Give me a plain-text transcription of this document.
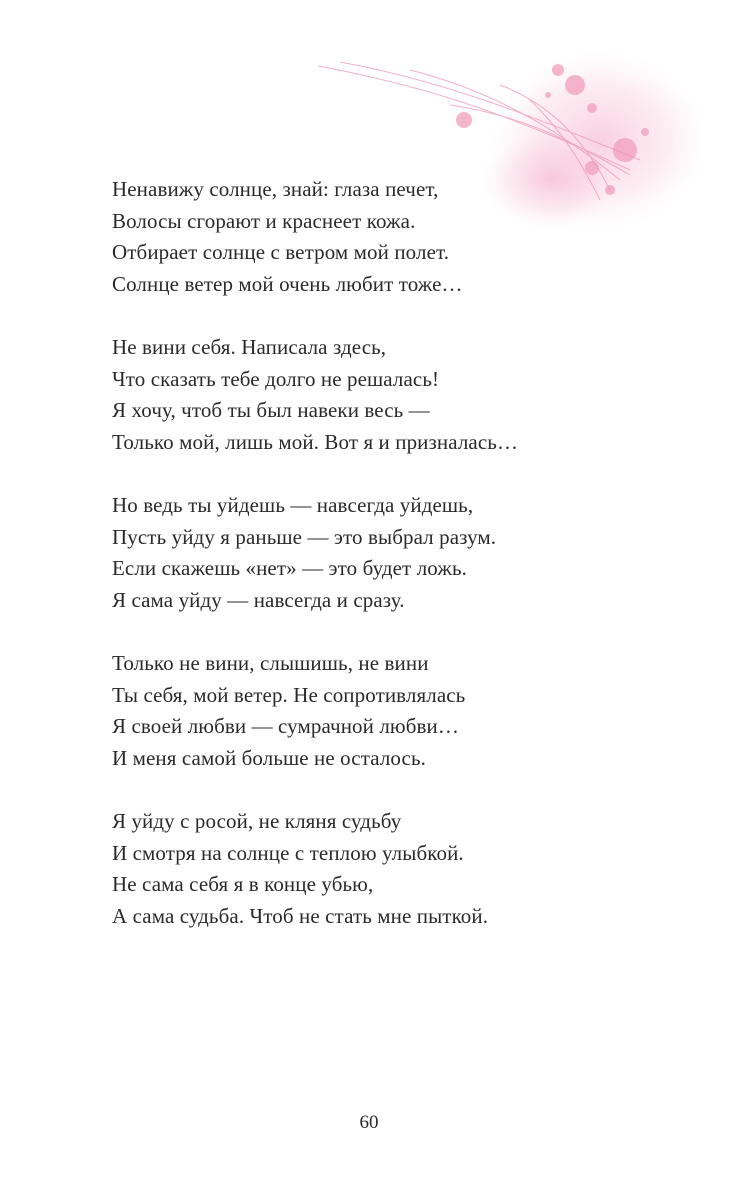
Ненавижу солнце, знай: глаза печет,
Волосы сгорают и краснеет кожа.
Отбирает солнце с ветром мой полет.
Солнце ветер мой очень любит тоже…
Не вини себя. Написала здесь,
Что сказать тебе долго не решалась!
Я хочу, чтоб ты был навеки весь —
Только мой, лишь мой. Вот я и призналась…
Но ведь ты уйдешь — навсегда уйдешь,
Пусть уйду я раньше — это выбрал разум.
Если скажешь «нет» — это будет ложь.
Я сама уйду — навсегда и сразу.
Только не вини, слышишь, не вини
Ты себя, мой ветер. Не сопротивлялась
Я своей любви — сумрачной любви…
И меня самой больше не осталось.
Я уйду с росой, не кляня судьбу
И смотря на солнце с теплою улыбкой.
Не сама себя я в конце убью,
А сама судьба. Чтоб не стать мне пыткой.
60
